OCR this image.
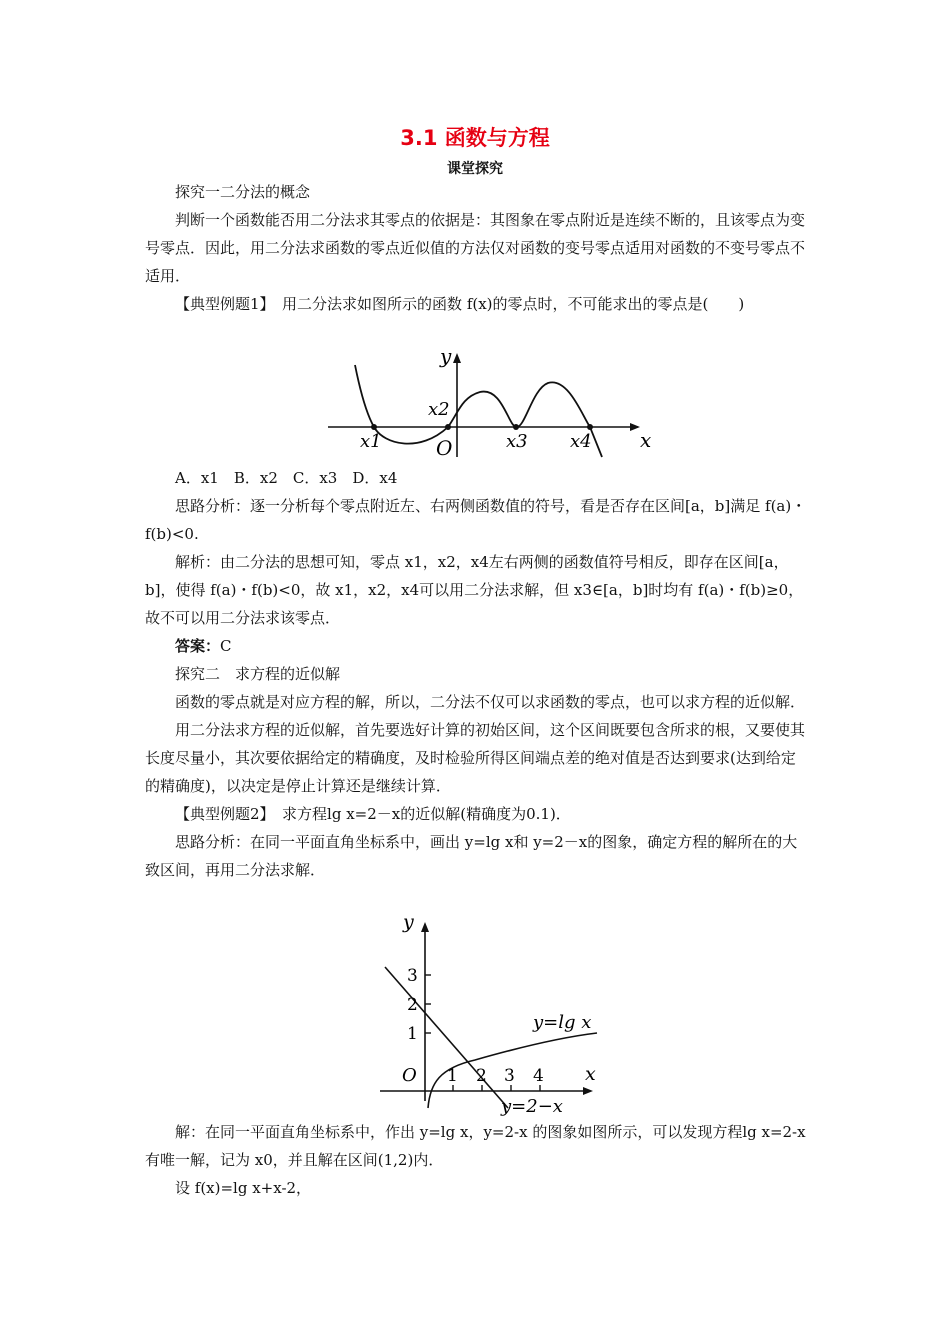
3.1 函数与方程
课堂探究

探究一二分法的概念

判断一个函数能否用二分法求其零点的依据是：其图象在零点附近是连续不断的，且该零点为变号零点．因此，用二分法求函数的零点近似值的方法仅对函数的变号零点适用对函数的不变号零点不适用．

【典型例题1】　用二分法求如图所示的函数 f(x)的零点时，不可能求出的零点是(　　)

y
x
O
x1
x2
x3 x4

A．x1　B．x2　C．x3　D．x4

思路分析：逐一分析每个零点附近左、右两侧函数值的符号，看是否存在区间[a，b]满足 f(a)・f(b)<0.

解析：由二分法的思想可知，零点 x1，x2，x4左右两侧的函数值符号相反，即存在区间[a，b]，使得 f(a)・f(b)<0，故 x1，x2，x4可以用二分法求解，但 x3∈[a，b]时均有 f(a)・f(b)≥0，故不可以用二分法求该零点．

答案：C

探究二　求方程的近似解

函数的零点就是对应方程的解，所以，二分法不仅可以求函数的零点，也可以求方程的近似解．

用二分法求方程的近似解，首先要选好计算的初始区间，这个区间既要包含所求的根，又要使其长度尽量小，其次要依据给定的精确度，及时检验所得区间端点差的绝对值是否达到要求(达到给定的精确度)，以决定是停止计算还是继续计算．

【典型例题2】　求方程lg x=2－x的近似解(精确度为0.1)．

思路分析：在同一平面直角坐标系中，画出 y=lg x和 y=2－x的图象，确定方程的解所在的大致区间，再用二分法求解．

y
x
O 1 2 3 4
1
2
3
y=lg x
y=2−x

解：在同一平面直角坐标系中，作出 y=lg x，y=2-x 的图象如图所示，可以发现方程lg x=2-x 有唯一解，记为 x0，并且解在区间(1,2)内．

设 f(x)=lg x+x-2，
